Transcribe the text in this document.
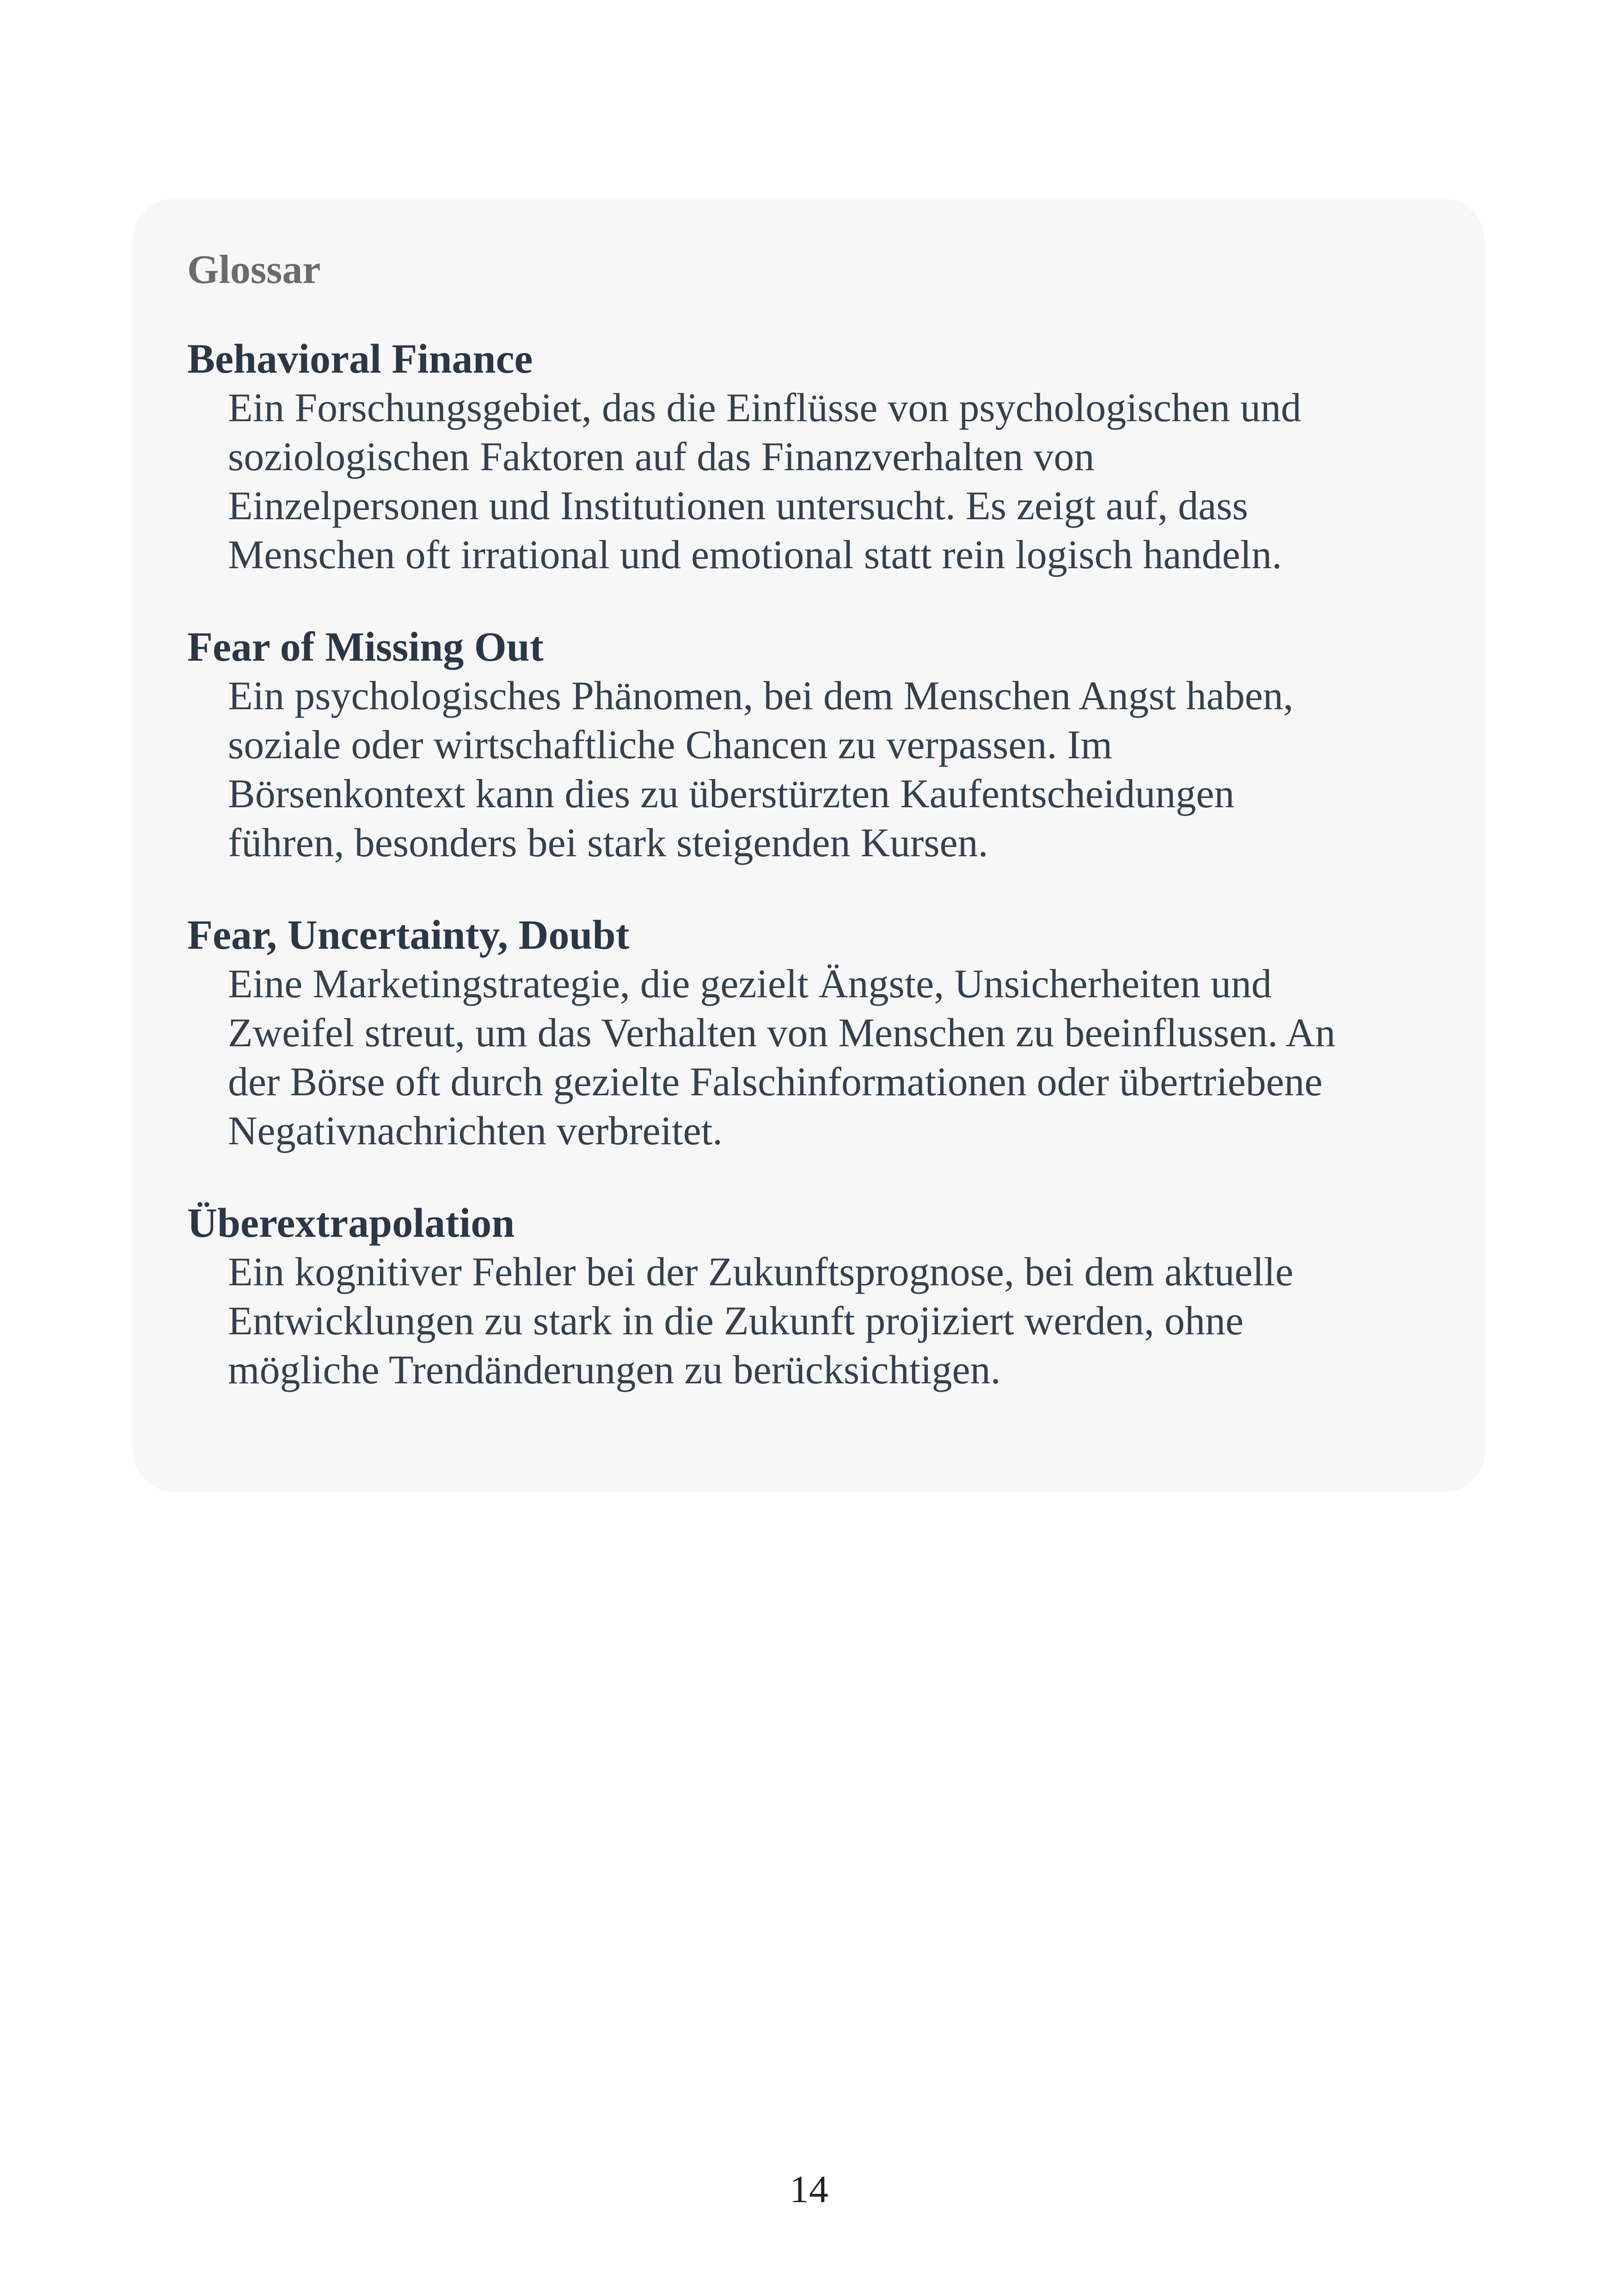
Glossar

Behavioral Finance

Ein Forschungsgebiet, das die Einflüsse von psychologischen und
soziologischen Faktoren auf das Finanzverhalten von
Einzelpersonen und Institutionen untersucht. Es zeigt auf, dass
Menschen oft irrational und emotional statt rein logisch handeln.

Fear of Missing Out

Ein psychologisches Phänomen, bei dem Menschen Angst haben,
soziale oder wirtschaftliche Chancen zu verpassen. Im
Börsenkontext kann dies zu überstürzten Kaufentscheidungen
führen, besonders bei stark steigenden Kursen.

Fear, Uncertainty, Doubt

Eine Marketingstrategie, die gezielt Ängste, Unsicherheiten und
Zweifel streut, um das Verhalten von Menschen zu beeinflussen. An
der Börse oft durch gezielte Falschinformationen oder übertriebene
Negativnachrichten verbreitet.

Überextrapolation

Ein kognitiver Fehler bei der Zukunftsprognose, bei dem aktuelle
Entwicklungen zu stark in die Zukunft projiziert werden, ohne
mögliche Trendänderungen zu berücksichtigen.

14
